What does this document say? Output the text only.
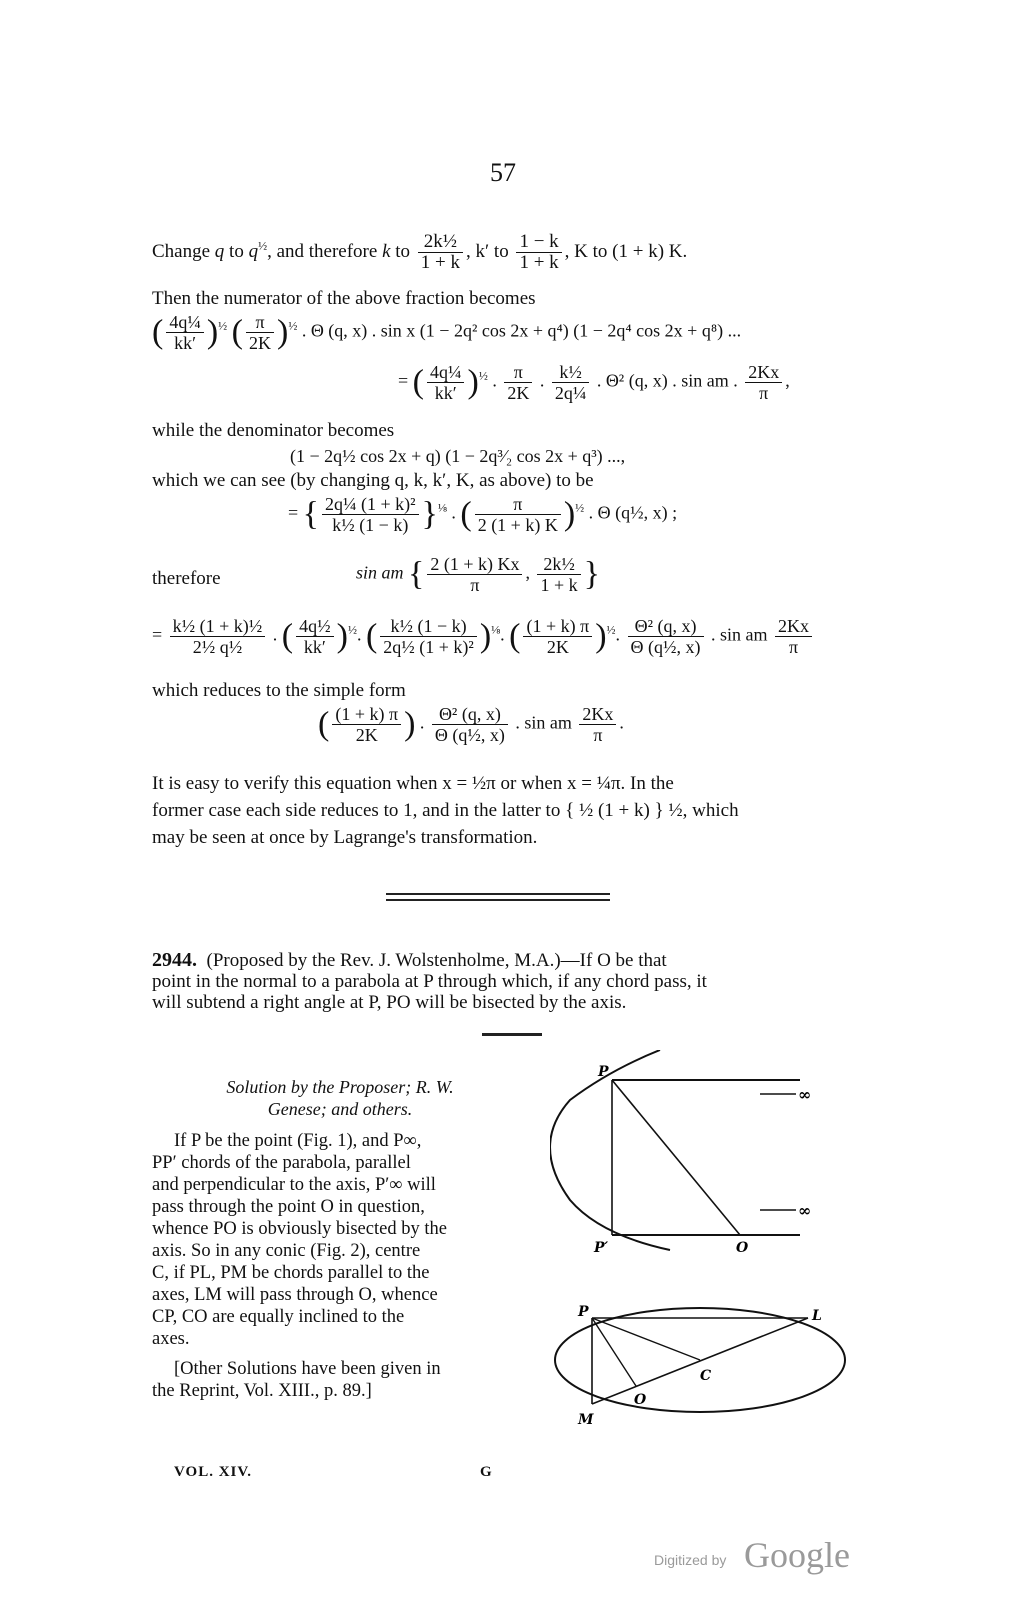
57
Change q to $q^{\frac{1}{2}}$, and therefore k to $\frac{\text{2k½}}{1 + k}$ , k′ to $\frac{1 - k}{1 + k}$ , K to (1 + k) K.
Then the numerator of the above fraction becomes
( $\frac{\text{4q¼}}{kk'} )^{\frac{1}{2}}$ ( $\frac{\pi}{2K} )^{\frac{1}{2}}$ . Θ (q, x) . sin x (1 − 2q² cos 2x + q⁴) (1 − 2q⁴ cos 2x + q⁸) ...
= ( $\frac{\text{4q¼}}{kk'} )^{\frac{1}{2}}$ . $\frac{\pi}{2K}$ . $\frac{\text{k½}}{\text{2q¼}}$ . Θ² (q, x) . sin am . $\frac{2Kx}{\pi}$ ,
while the denominator becomes
(1 − 2q½ cos 2x + q) (1 − 2q³⁄₂ cos 2x + q³) ...,
which we can see (by changing q, k, k′, K, as above) to be
= { $\frac{\text{2q¼ (1 + k)²}}{\text{k½ (1 − k)}} \}^{\frac{1}{8}}$ . ( $\frac{\pi}{2 (1 + k) K} )^{\frac{1}{2}}$ . Θ (q½, x) ;
therefore	sin am { $\frac{2 (1 + k) Kx}{\pi}$ , $\frac{\text{2k½}}{1 + k}$ }
= $\frac{\text{k½ (1 + k)½}}{\text{2½ q½}}$ . ( $\frac{\text{4q½}}{kk'} )^{\frac{1}{2}}$. ( $\frac{\text{k½ (1 − k)}}{\text{2q½ (1 + k)²}} )^{\frac{1}{8}}$. ( $\frac{(1 + k) \pi}{2K} )^{\frac{1}{2}}$. $\frac{\text{Θ² (q, x)}}{\text{Θ (q½, x)}}$ . sin am $\frac{2Kx}{\pi}$
which reduces to the simple form
( $\frac{(1 + k) \pi}{2K}$ ) . $\frac{\text{Θ² (q, x)}}{\text{Θ (q½, x)}}$ . sin am $\frac{2Kx}{\pi}$ .
It is easy to verify this equation when x = ½π or when x = ¼π. In the
former case each side reduces to 1, and in the latter to { ½ (1 + k) } ½, which
may be seen at once by Lagrange's transformation.
2944. (Proposed by the Rev. J. Wolstenholme, M.A.)—If O be that
point in the normal to a parabola at P through which, if any chord pass, it
will subtend a right angle at P, PO will be bisected by the axis.
Solution by the Proposer; R. W.
Genese; and others.
If P be the point (Fig. 1), and P∞,
PP′ chords of the parabola, parallel
and perpendicular to the axis, P′∞ will
pass through the point O in question,
whence PO is obviously bisected by the
axis. So in any conic (Fig. 2), centre
C, if PL, PM be chords parallel to the
axes, LM will pass through O, whence
CP, CO are equally inclined to the
axes.
[Other Solutions have been given in
the Reprint, Vol. XIII., p. 89.]
∞
∞
P
P′	O
P	L
C
O
M
VOL. XIV.	G
Digitized by Google
